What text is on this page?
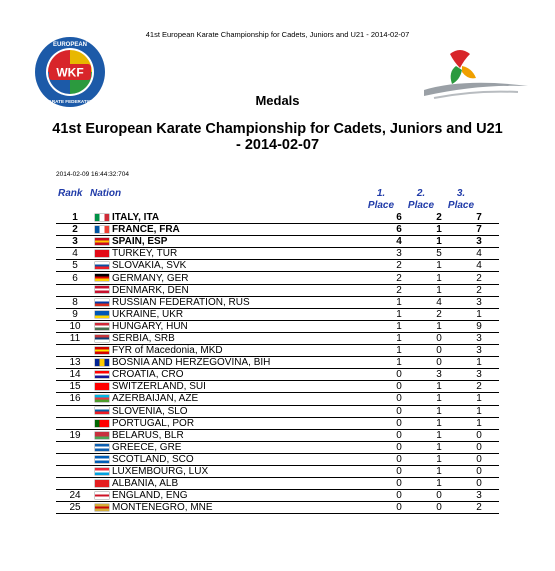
41st European Karate Championship for Cadets, Juniors and U21 - 2014-02-07
WKF
EUROPEAN
KARATE FEDERATION	Medals
41st European Karate Championship for Cadets, Juniors and U21 - 2014-02-07
2014-02-09 16:44:32:704
Rank Nation	1.
Place
2.
Place
3.
Place
1		ITALY, ITA	6	2	7
2		FRANCE, FRA	6	1	7
3		SPAIN, ESP	4	1	3
4		TURKEY, TUR	3	5	4
5		SLOVAKIA, SVK	2	1	4
6		GERMANY, GER	2	1	2
		DENMARK, DEN	2	1	2
8		RUSSIAN FEDERATION, RUS	1	4	3
9		UKRAINE, UKR	1	2	1
10		HUNGARY, HUN	1	1	9
11		SERBIA, SRB	1	0	3
		FYR of Macedonia, MKD	1	0	3
13		BOSNIA AND HERZEGOVINA, BIH	1	0	1
14		CROATIA, CRO	0	3	3
15		SWITZERLAND, SUI	0	1	2
16		AZERBAIJAN, AZE	0	1	1
		SLOVENIA, SLO	0	1	1
		PORTUGAL, POR	0	1	1
19		BELARUS, BLR	0	1	0
		GREECE, GRE	0	1	0
		SCOTLAND, SCO	0	1	0
		LUXEMBOURG, LUX	0	1	0
		ALBANIA, ALB	0	1	0
24		ENGLAND, ENG	0	0	3
25		MONTENEGRO, MNE	0	0	2
